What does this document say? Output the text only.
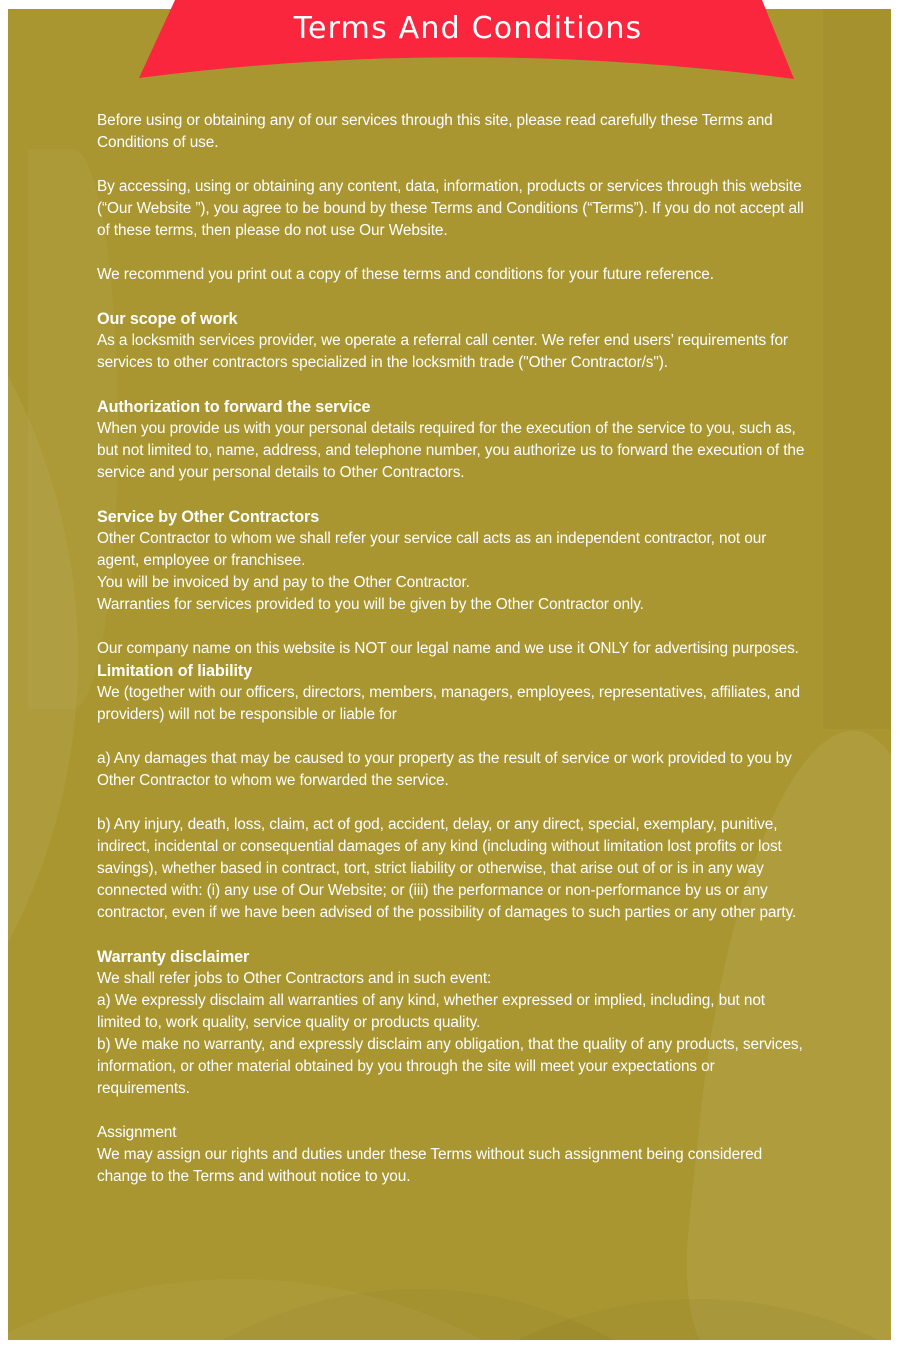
Before using or obtaining any of our services through this site, please read carefully these Terms and Conditions of use.

By accessing, using or obtaining any content, data, information, products or services through this website (“Our Website ”), you agree to be bound by these Terms and Conditions (“Terms”). If you do not accept all of these terms, then please do not use Our Website.

We recommend you print out a copy of these terms and conditions for your future reference.

Our scope of work

As a locksmith services provider, we operate a referral call center. We refer end users’ requirements for services to other contractors specialized in the locksmith trade ("Other Contractor/s").

Authorization to forward the service

When you provide us with your personal details required for the execution of the service to you, such as, but not limited to, name, address, and telephone number, you authorize us to forward the execution of the service and your personal details to Other Contractors.

Service by Other Contractors

Other Contractor to whom we shall refer your service call acts as an independent contractor, not our agent, employee or franchisee.

You will be invoiced by and pay to the Other Contractor.

Warranties for services provided to you will be given by the Other Contractor only.

Our company name on this website is NOT our legal name and we use it ONLY for advertising purposes.

Limitation of liability

We (together with our officers, directors, members, managers, employees, representatives, affiliates, and providers) will not be responsible or liable for

a) Any damages that may be caused to your property as the result of service or work provided to you by Other Contractor to whom we forwarded the service.

b) Any injury, death, loss, claim, act of god, accident, delay, or any direct, special, exemplary, punitive, indirect, incidental or consequential damages of any kind (including without limitation lost profits or lost savings), whether based in contract, tort, strict liability or otherwise, that arise out of or is in any way connected with: (i) any use of Our Website; or (iii) the performance or non-performance by us or any contractor, even if we have been advised of the possibility of damages to such parties or any other party.

Warranty disclaimer

We shall refer jobs to Other Contractors and in such event:

a) We expressly disclaim all warranties of any kind, whether expressed or implied, including, but not limited to, work quality, service quality or products quality.

b) We make no warranty, and expressly disclaim any obligation, that the quality of any products, services, information, or other material obtained by you through the site will meet your expectations or requirements.

Assignment

We may assign our rights and duties under these Terms without such assignment being considered change to the Terms and without notice to you.

Terms And Conditions
